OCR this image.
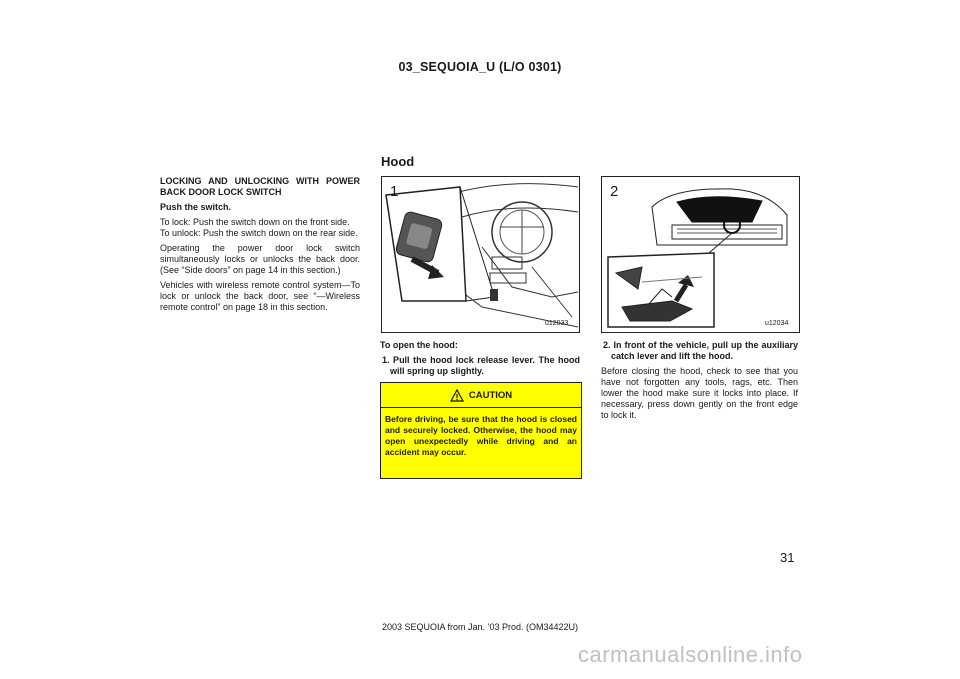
03_SEQUOIA_U (L/O 0301)

LOCKING AND UNLOCKING WITH POWER BACK DOOR LOCK SWITCH

Push the switch.

To lock: Push the switch down on the front side.

To unlock: Push the switch down on the rear side.

Operating the power door lock switch simultaneously locks or unlocks the back door. (See “Side doors” on page 14 in this section.)

Vehicles with wireless remote control system—To lock or unlock the back door, see “—Wireless remote control” on page 18 in this section.

Hood
1
u12033
2
u12034

To open the hood:

1. Pull the hood lock release lever. The hood will spring up slightly.

CAUTION
Before driving, be sure that the hood is closed and securely locked. Otherwise, the hood may open unexpectedly while driving and an accident may occur.

2. In front of the vehicle, pull up the auxiliary catch lever and lift the hood.

Before closing the hood, check to see that you have not forgotten any tools, rags, etc. Then lower the hood make sure it locks into place. If necessary, press down gently on the front edge to lock it.

31
2003 SEQUOIA from Jan. ’03 Prod. (OM34422U)
carmanualsonline.info
